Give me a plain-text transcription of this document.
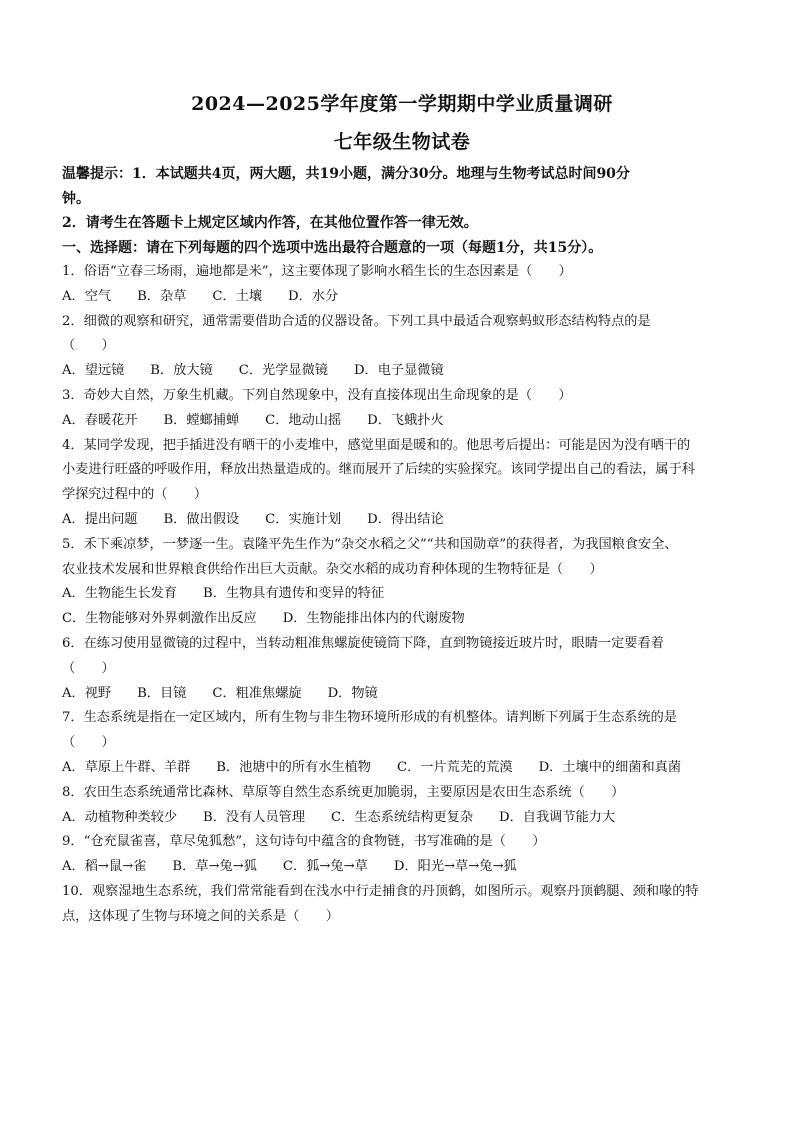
2024—2025学年度第一学期期中学业质量调研
七年级生物试卷

温馨提示：1．本试题共4页，两大题，共19小题，满分30分。地理与生物考试总时间90分

钟。

2．请考生在答题卡上规定区域内作答，在其他位置作答一律无效。

一、选择题：请在下列每题的四个选项中选出最符合题意的一项（每题1分，共15分）。

1．俗语“立春三场雨，遍地都是米”，这主要体现了影响水稻生长的生态因素是（　　）

A．空气 B．杂草 C．土壤 D．水分

2．细微的观察和研究，通常需要借助合适的仪器设备。下列工具中最适合观察蚂蚁形态结构特点的是

（　　）

A．望远镜 B．放大镜 C．光学显微镜 D．电子显微镜

3．奇妙大自然，万象生机藏。下列自然现象中，没有直接体现出生命现象的是（　　）

A．春暖花开 B．螳螂捕蝉 C．地动山摇 D．飞蛾扑火

4．某同学发现，把手插进没有晒干的小麦堆中，感觉里面是暖和的。他思考后提出：可能是因为没有晒干的

小麦进行旺盛的呼吸作用，释放出热量造成的。继而展开了后续的实验探究。该同学提出自己的看法，属于科

学探究过程中的（　　）

A．提出问题 B．做出假设 C．实施计划 D．得出结论

5．禾下乘凉梦，一梦逐一生。袁隆平先生作为“杂交水稻之父”“共和国勋章”的获得者，为我国粮食安全、

农业技术发展和世界粮食供给作出巨大贡献。杂交水稻的成功育种体现的生物特征是（　　）

A．生物能生长发育 B．生物具有遗传和变异的特征

C．生物能够对外界刺激作出反应 D．生物能排出体内的代谢废物

6．在练习使用显微镜的过程中，当转动粗准焦螺旋使镜筒下降，直到物镜接近玻片时，眼睛一定要看着

（　　）

A．视野 B．目镜 C．粗准焦螺旋 D．物镜

7．生态系统是指在一定区域内，所有生物与非生物环境所形成的有机整体。请判断下列属于生态系统的是

（　　）

A．草原上牛群、羊群 B．池塘中的所有水生植物 C．一片荒芜的荒漠 D．土壤中的细菌和真菌

8．农田生态系统通常比森林、草原等自然生态系统更加脆弱，主要原因是农田生态系统（　　）

A．动植物种类较少 B．没有人员管理 C．生态系统结构更复杂 D．自我调节能力大

9．“仓充鼠雀喜，草尽兔狐愁”，这句诗句中蕴含的食物链，书写准确的是（　　）

A．稻→鼠→雀 B．草→兔→狐 C．狐→兔→草 D．阳光→草→兔→狐

10．观察湿地生态系统，我们常常能看到在浅水中行走捕食的丹顶鹤，如图所示。观察丹顶鹤腿、颈和喙的特

点，这体现了生物与环境之间的关系是（　　）
